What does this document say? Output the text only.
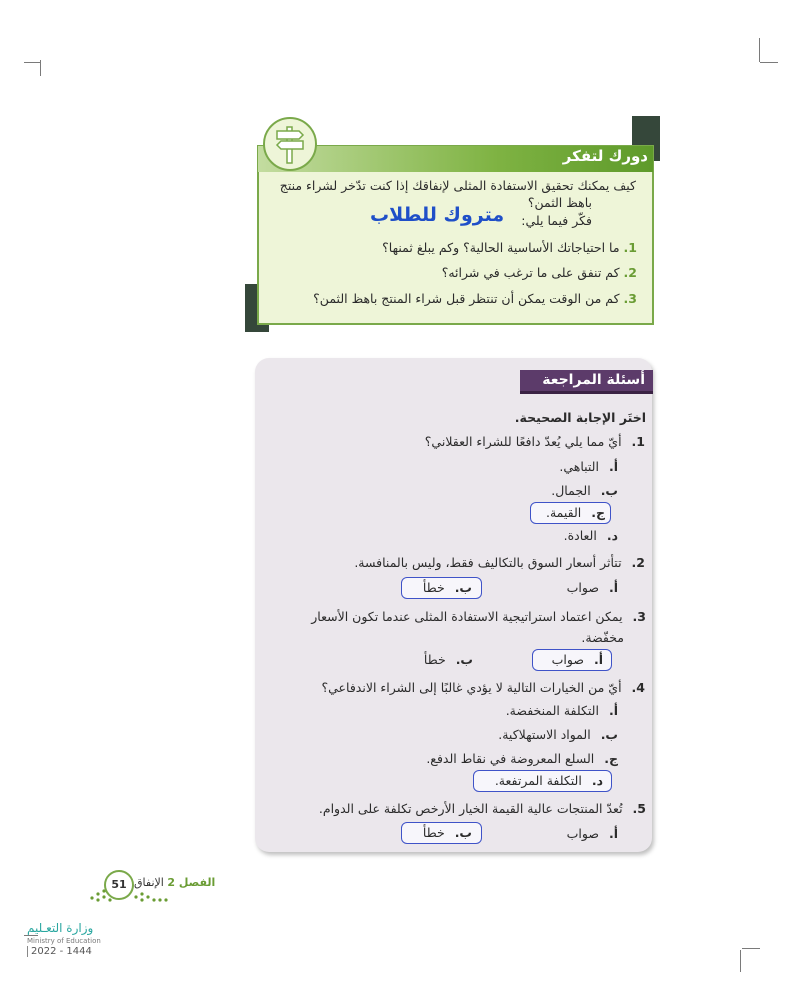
دورك لتفكر
كيف يمكنك تحقيق الاستفادة المثلى لإنفاقك إذا كنت تدّخر لشراء منتج
باهظ الثمن؟
فكّر فيما يلي:
متروك للطلاب
1. ما احتياجاتك الأساسية الحالية؟ وكم يبلغ ثمنها؟
2. كم تنفق على ما ترغب في شرائه؟
3. كم من الوقت يمكن أن تنتظر قبل شراء المنتج باهظ الثمن؟
أسئلة المراجعة
اختَر الإجابة الصحيحة.
1. أيّ مما يلي يُعدّ دافعًا للشراء العقلاني؟
أ. التباهي.
ب. الجمال.
ج. القيمة.
د. العادة.
2. تتأثر أسعار السوق بالتكاليف فقط، وليس بالمنافسة.
أ. صواب
ب. خطأ
3. يمكن اعتماد استراتيجية الاستفادة المثلى عندما تكون الأسعار
مخفّضة.
أ. صواب
ب. خطأ
4. أيّ من الخيارات التالية لا يؤدي غالبًا إلى الشراء الاندفاعي؟
أ. التكلفة المنخفضة.
ب. المواد الاستهلاكية.
ج. السلع المعروضة في نقاط الدفع.
د. التكلفة المرتفعة.
5. تُعدّ المنتجات عالية القيمة الخيار الأرخص تكلفة على الدوام.
أ. صواب
ب. خطأ
51	الفصل 2 الإنفاق
وزارة التعـليم
Ministry of Education
2022 - 1444
